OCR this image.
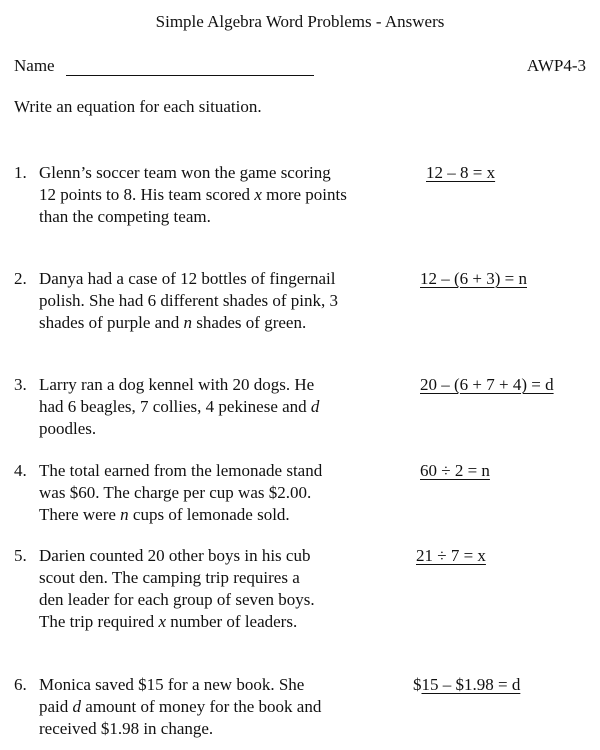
Simple Algebra Word Problems - Answers
Name	AWP4-3
Write an equation for each situation.
1. Glenn’s soccer team won the game scoring
12 points to 8. His team scored x more points
than the competing team.
12 – 8 = x
2. Danya had a case of 12 bottles of fingernail
polish. She had 6 different shades of pink, 3
shades of purple and n shades of green.
12 – (6 + 3) = n
3. Larry ran a dog kennel with 20 dogs. He
had 6 beagles, 7 collies, 4 pekinese and d
poodles.
20 – (6 + 7 + 4) = d
4. The total earned from the lemonade stand
was $60. The charge per cup was $2.00.
There were n cups of lemonade sold.
60 ÷ 2 = n
5. Darien counted 20 other boys in his cub
scout den. The camping trip requires a
den leader for each group of seven boys.
The trip required x number of leaders.
21 ÷ 7 = x
6. Monica saved $15 for a new book. She
paid d amount of money for the book and
received $1.98 in change.
$15 – $1.98 = d
